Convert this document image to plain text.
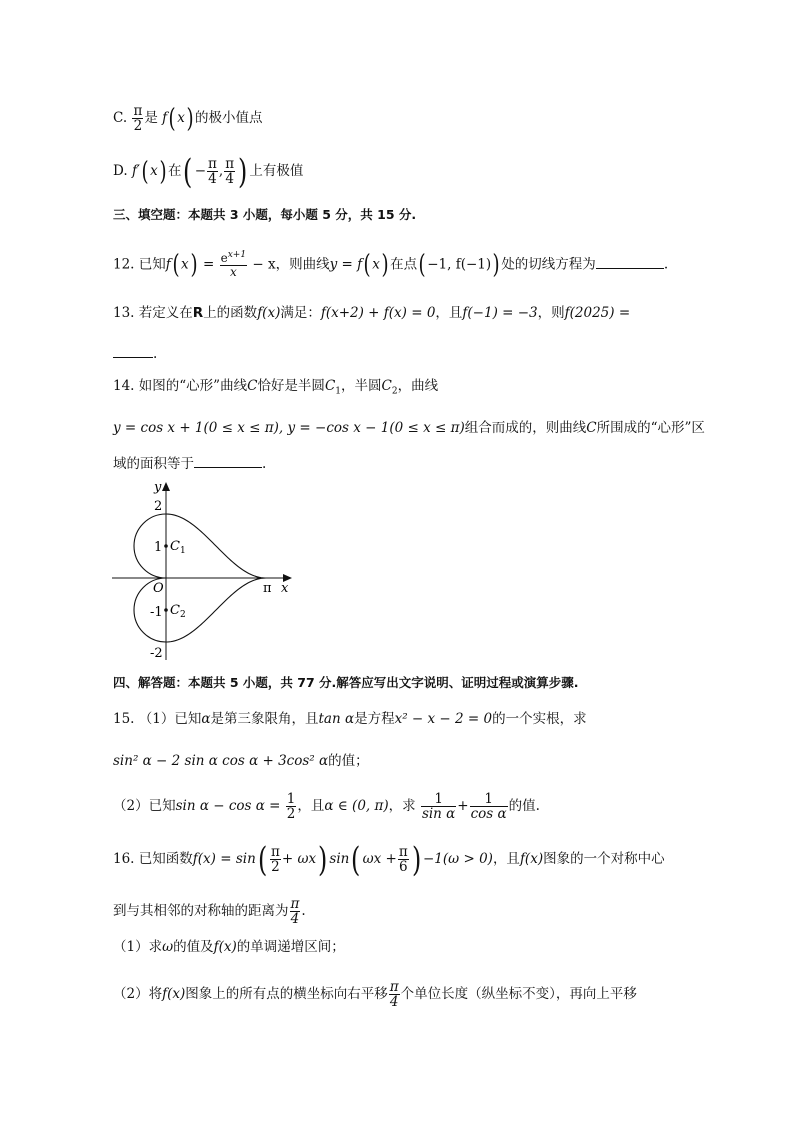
C. $\frac{\pi}{2}$ 是 f( x) 的极小值点
D. f′( x) 在( − $\frac{\pi}{4}$ , $\frac{\pi}{4}$ ) 上有极值
三、填空题：本题共 3 小题，每小题 5 分，共 15 分.
12. 已知f( $x) = \frac{e^{x+1}}{x} - x$，则曲线y = f( x) 在点( −1, f(−1)) 处的切线方程为	.
13. 若定义在R上的函数f(x)满足：f(x+2) + f(x) = 0，且f(−1) = −3，则f(2025) =
.
14. 如图的“心形”曲线C恰好是半圆$C_1$，半圆$C_2$，曲线
y = cos x + 1(0 ≤ x ≤ π), y = −cos x − 1(0 ≤ x ≤ π)组合而成的，则曲线C所围成的“心形”区
域的面积等于	.
y
x
O	π
2
1
-1
-2
$C_1$
$C_2$
四、解答题：本题共 5 小题，共 77 分.解答应写出文字说明、证明过程或演算步骤.
15. （1）已知α是第三象限角，且tan α是方程x² − x − 2 = 0的一个实根，求
sin² α − 2 sin α cos α + 3cos² α的值；
（2）已知$\sin \alpha - \cos \alpha = \frac{1}{2}$ ，且α ∈ (0, π)，求 $\frac{1}{\text{sin α}} + \frac{1}{\text{cos α}}$ 的值.
16. 已知函数$f(x) = \sin( \frac{\pi}{2} + \omega x)$ sin( $\omega x + \frac{\pi}{6}$ ) −1(ω > 0)，且f(x)图象的一个对称中心
到与其相邻的对称轴的距离为 $\frac{\pi}{4}$ .
（1）求ω的值及f(x)的单调递增区间；
（2）将f(x)图象上的所有点的横坐标向右平移 $\frac{\pi}{4}$ 个单位长度（纵坐标不变），再向上平移
